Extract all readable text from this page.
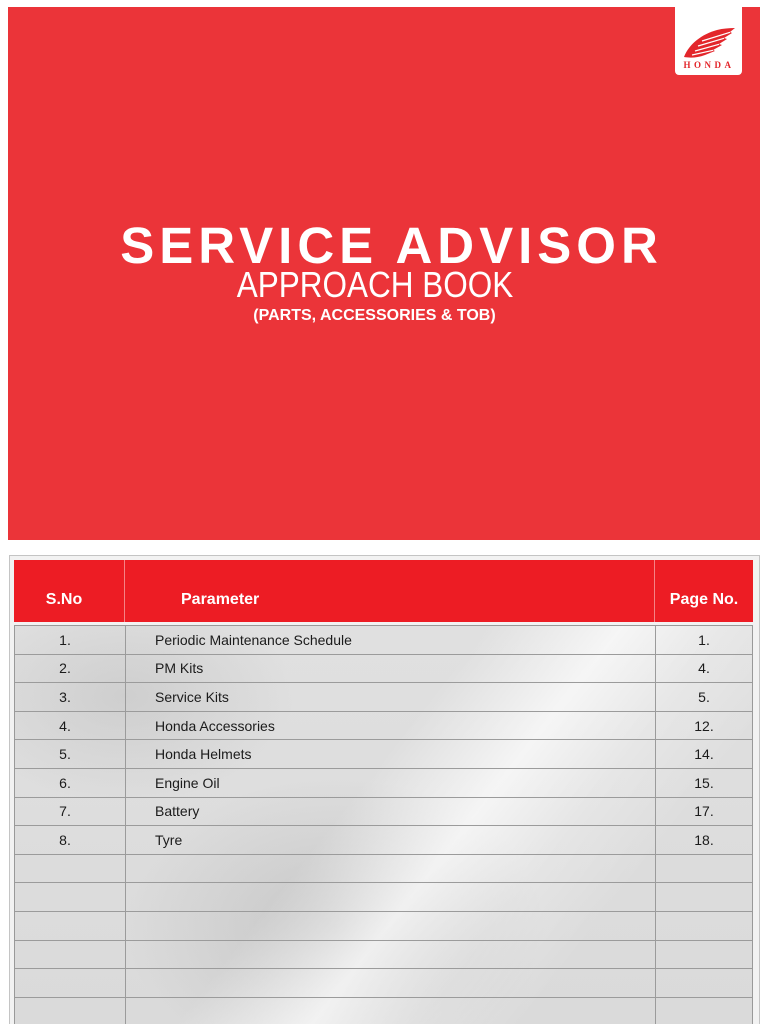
HONDA
SERVICE ADVISOR
APPROACH BOOK
(PARTS, ACCESSORIES & TOB)
S.No	Parameter	Page No.
1.	Periodic Maintenance Schedule	1.
2.	PM Kits	4.
3.	Service Kits	5.
4.	Honda Accessories	12.
5.	Honda Helmets	14.
6.	Engine Oil	15.
7.	Battery	17.
8.	Tyre	18.
